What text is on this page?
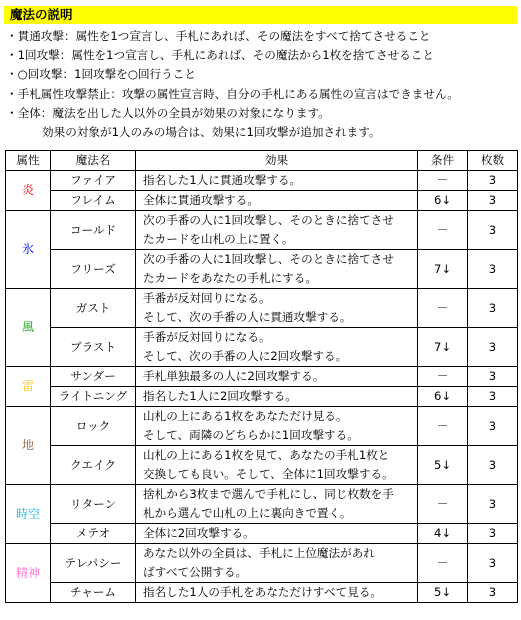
魔法の説明
・貫通攻撃：属性を1つ宣言し、手札にあれば、その魔法をすべて捨てさせること
・1回攻撃：属性を1つ宣言し、手札にあれば、その魔法から1枚を捨てさせること
・○回攻撃：1回攻撃を○回行うこと
・手札属性攻撃禁止：攻撃の属性宣言時、自分の手札にある属性の宣言はできません。
・全体：魔法を出した人以外の全員が効果の対象になります。
効果の対象が1人のみの場合は、効果に1回攻撃が追加されます。
属性	魔法名	効果	条件	枚数
炎	ファイア	指名した1人に貫通攻撃する。	－	3
	フレイム	全体に貫通攻撃する。	6↓	3
氷	コールド	次の手番の人に1回攻撃し、そのときに捨てさせ
たカードを山札の上に置く。	－	3
	フリーズ	次の手番の人に1回攻撃し、そのときに捨てさせ
たカードをあなたの手札にする。	7↓	3
風	ガスト	手番が反対回りになる。
そして、次の手番の人に貫通攻撃する。	－	3
	ブラスト	手番が反対回りになる。
そして、次の手番の人に2回攻撃する。	7↓	3
雷	サンダー	手札単独最多の人に2回攻撃する。	－	3
	ライトニング	指名した1人に2回攻撃する。	6↓	3
地	ロック	山札の上にある1枚をあなただけ見る。
そして、両隣のどちらかに1回攻撃する。	－	3
	クエイク	山札の上にある1枚を見て、あなたの手札1枚と
交換しても良い。そして、全体に1回攻撃する。	5↓	3
時空	リターン	捨札から3枚まで選んで手札にし、同じ枚数を手
札から選んで山札の上に裏向きで置く。	－	3
	メテオ	全体に2回攻撃する。	4↓	3
精神	テレパシー	あなた以外の全員は、手札に上位魔法があれ
ばすべて公開する。	－	3
	チャーム	指名した1人の手札をあなただけすべて見る。	5↓	3
